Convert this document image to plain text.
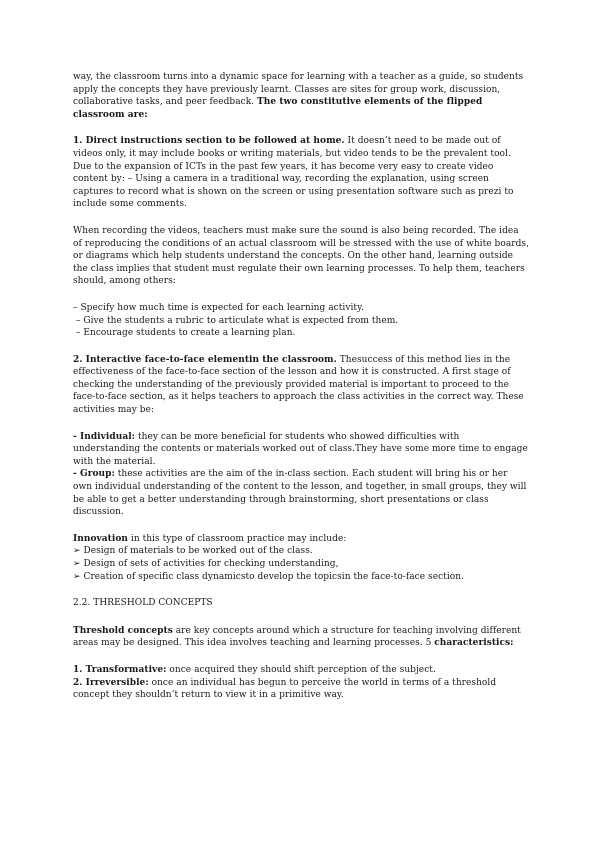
way, the classroom turns into a dynamic space for learning with a teacher as a guide, so students apply the concepts they have previously learnt. Classes are sites for group work, discussion, collaborative tasks, and peer feedback. The two constitutive elements of the flipped classroom are:

1. Direct instructions section to be followed at home. It doesn’t need to be made out of videos only, it may include books or writing materials, but video tends to be the prevalent tool. Due to the expansion of ICTs in the past few years, it has become very easy to create video content by: – Using a camera in a traditional way, recording the explanation, using screen captures to record what is shown on the screen or using presentation software such as prezi to include some comments.

When recording the videos, teachers must make sure the sound is also being recorded. The idea of reproducing the conditions of an actual classroom will be stressed with the use of white boards, or diagrams which help students understand the concepts. On the other hand, learning outside the class implies that student must regulate their own learning processes. To help them, teachers should, among others:

– Specify how much time is expected for each learning activity.

– Give the students a rubric to articulate what is expected from them.

– Encourage students to create a learning plan.

2. Interactive face-to-face elementin the classroom. Thesuccess of this method lies in the effectiveness of the face-to-face section of the lesson and how it is constructed. A first stage of checking the understanding of the previously provided material is important to proceed to the face-to-face section, as it helps teachers to approach the class activities in the correct way. These activities may be:

- Individual: they can be more beneficial for students who showed difficulties with understanding the contents or materials worked out of class.They have some more time to engage with the material.

- Group: these activities are the aim of the in-class section. Each student will bring his or her own individual understanding of the content to the lesson, and together, in small groups, they will be able to get a better understanding through brainstorming, short presentations or class discussion.

Innovation in this type of classroom practice may include:

➢ Design of materials to be worked out of the class.

➢ Design of sets of activities for checking understanding,

➢ Creation of specific class dynamicsto develop the topicsin the face-to-face section.

2.2. THRESHOLD CONCEPTS

Threshold concepts are key concepts around which a structure for teaching involving different areas may be designed. This idea involves teaching and learning processes. 5 characteristics:

1. Transformative: once acquired they should shift perception of the subject.

2. Irreversible: once an individual has begun to perceive the world in terms of a threshold concept they shouldn’t return to view it in a primitive way.
